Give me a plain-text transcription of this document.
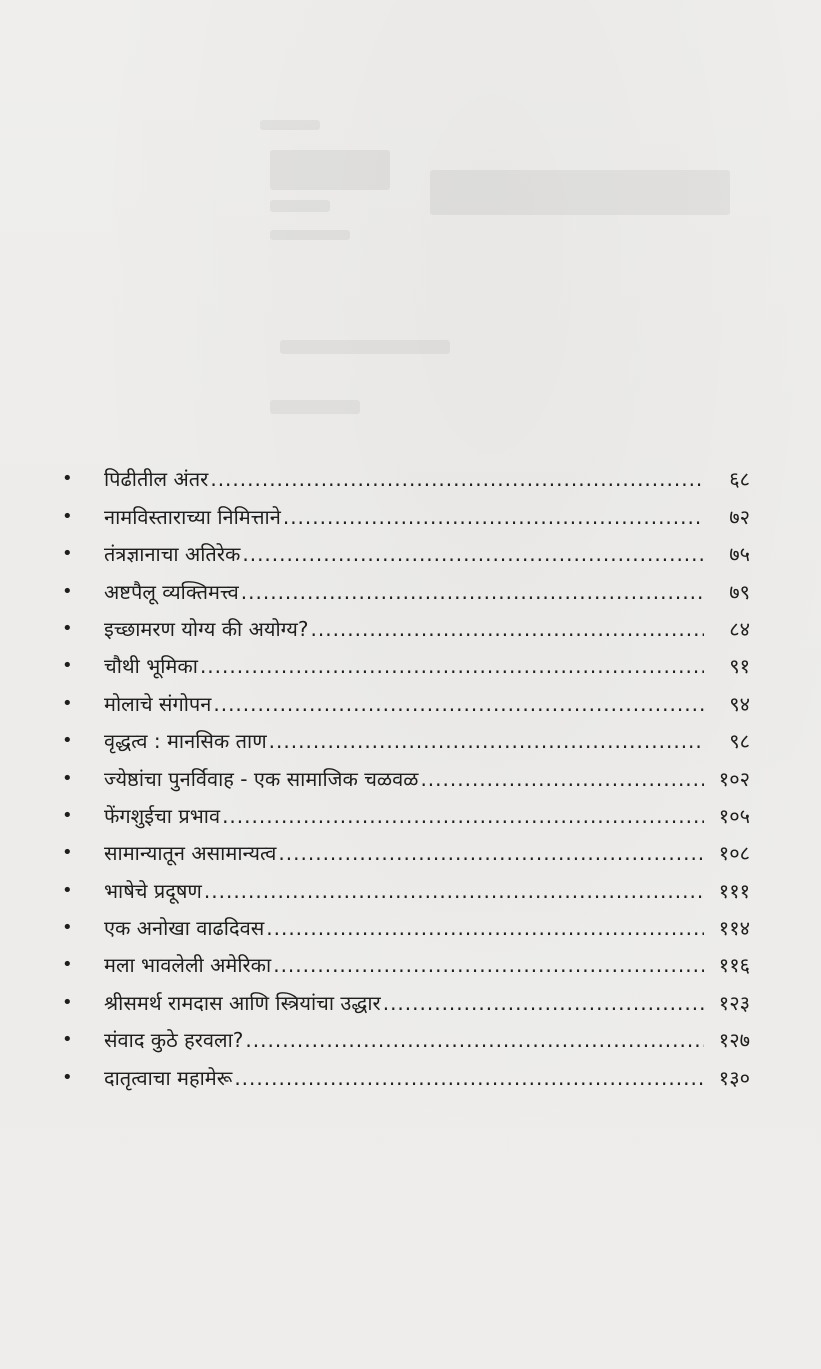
•	पिढीतील अंतर .....	६८
•	नामविस्ताराच्या निमित्ताने .....	७२
•	तंत्रज्ञानाचा अतिरेक .....	७५
•	अष्टपैलू व्यक्तिमत्त्व .....	७९
•	इच्छामरण योग्य की अयोग्य? .....	८४
•	चौथी भूमिका .....	९१
•	मोलाचे संगोपन .....	९४
•	वृद्धत्व : मानसिक ताण .....	९८
•	ज्येष्ठांचा पुनर्विवाह - एक सामाजिक चळवळ .....	१०२
•	फेंगशुईचा प्रभाव .....	१०५
•	सामान्यातून असामान्यत्व .....	१०८
•	भाषेचे प्रदूषण .....	१११
•	एक अनोखा वाढदिवस .....	११४
•	मला भावलेली अमेरिका .....	११६
•	श्रीसमर्थ रामदास आणि स्त्रियांचा उद्धार .....	१२३
•	संवाद कुठे हरवला? .....	१२७
•	दातृत्वाचा महामेरू .....	१३०
